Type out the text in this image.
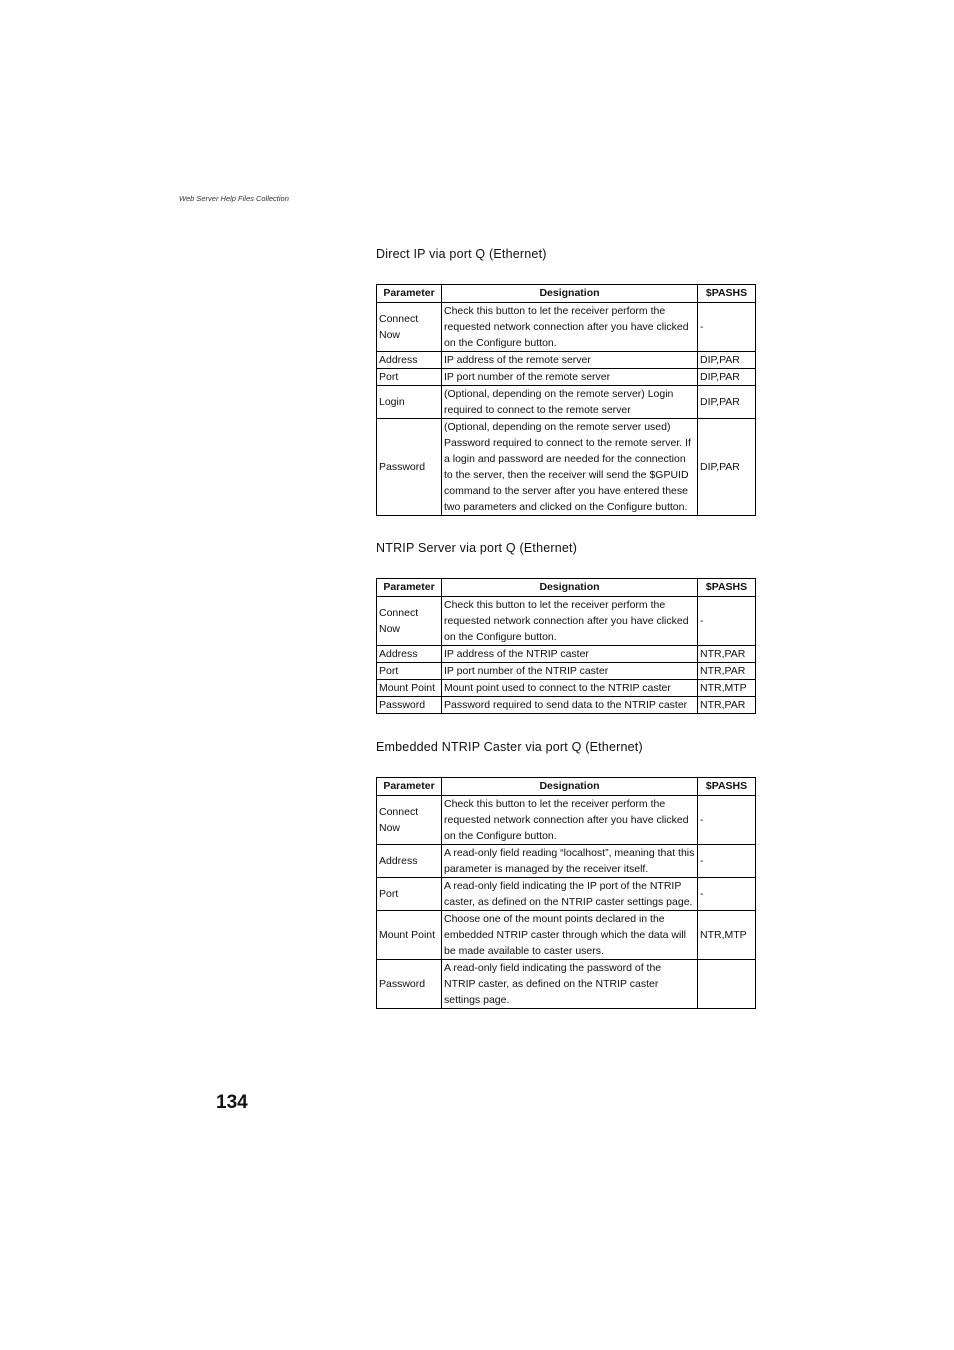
Web Server Help Files Collection
Direct IP via port Q (Ethernet)
Parameter	Designation	$PASHS
Connect Now	Check this button to let the receiver perform the requested network connection after you have clicked on the Configure button.	-
Address	IP address of the remote server	DIP,PAR
Port	IP port number of the remote server	DIP,PAR
Login	(Optional, depending on the remote server) Login required to connect to the remote server	DIP,PAR
Password	(Optional, depending on the remote server used) Password required to connect to the remote server. If a login and password are needed for the connection to the server, then the receiver will send the $GPUID command to the server after you have entered these two parameters and clicked on the Configure button.	DIP,PAR
NTRIP Server via port Q (Ethernet)
Parameter	Designation	$PASHS
Connect Now	Check this button to let the receiver perform the requested network connection after you have clicked on the Configure button.	-
Address	IP address of the NTRIP caster	NTR,PAR
Port	IP port number of the NTRIP caster	NTR,PAR
Mount Point	Mount point used to connect to the NTRIP caster	NTR,MTP
Password	Password required to send data to the NTRIP caster	NTR,PAR
Embedded NTRIP Caster via port Q (Ethernet)
Parameter	Designation	$PASHS
Connect Now	Check this button to let the receiver perform the requested network connection after you have clicked on the Configure button.	-
Address	A read-only field reading “localhost”, meaning that this parameter is managed by the receiver itself.	-
Port	A read-only field indicating the IP port of the NTRIP caster, as defined on the NTRIP caster settings page.	-
Mount Point	Choose one of the mount points declared in the embedded NTRIP caster through which the data will be made available to caster users.	NTR,MTP
Password	A read-only field indicating the password of the NTRIP caster, as defined on the NTRIP caster settings page.	
134
